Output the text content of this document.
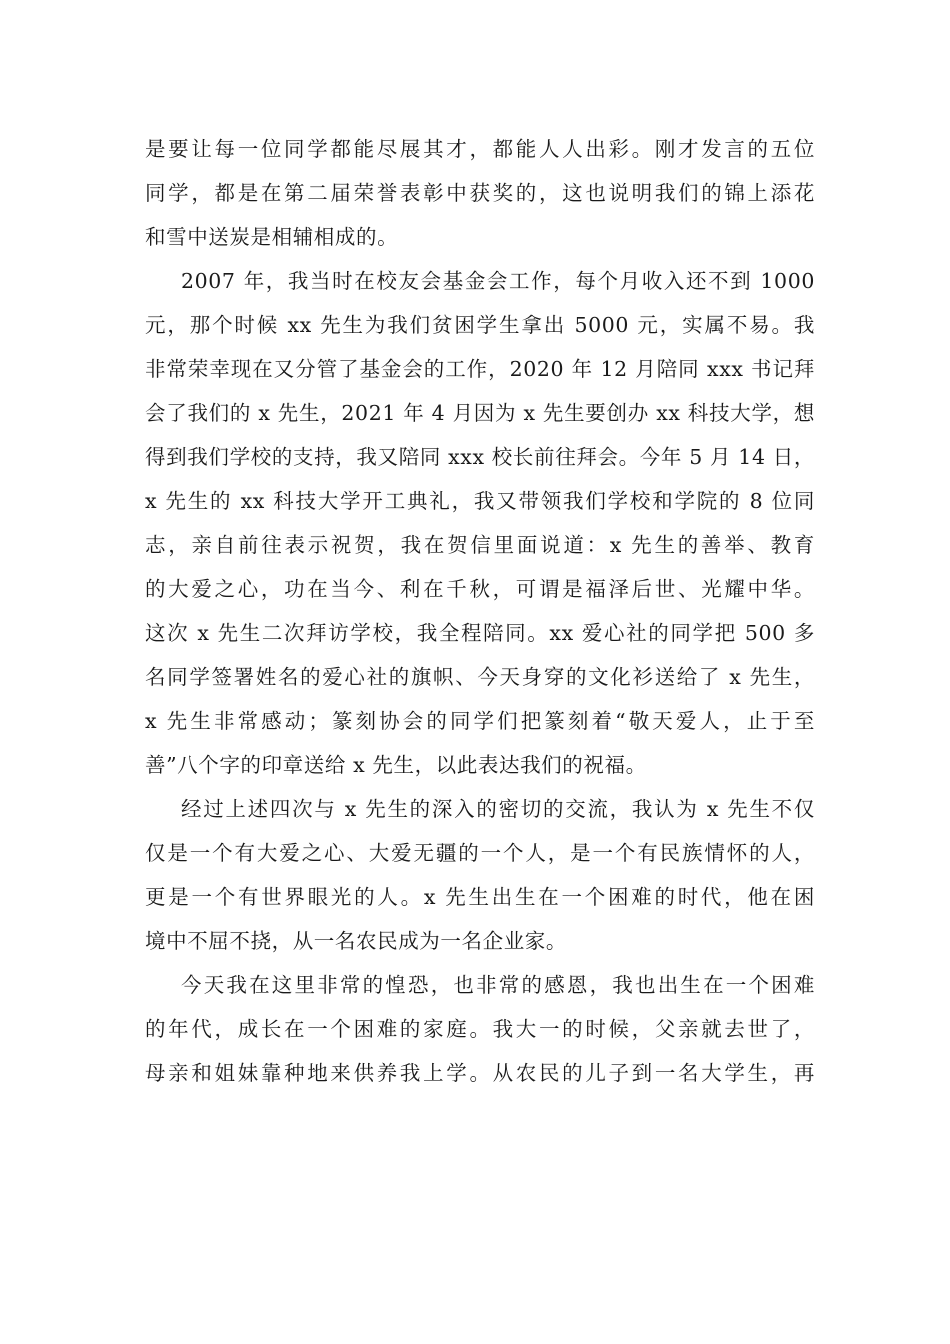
是要让每一位同学都能尽展其才，都能人人出彩。刚才发言的五位
同学，都是在第二届荣誉表彰中获奖的，这也说明我们的锦上添花
和雪中送炭是相辅相成的。
2007 年，我当时在校友会基金会工作，每个月收入还不到 1000
元，那个时候 xx 先生为我们贫困学生拿出 5000 元，实属不易。我
非常荣幸现在又分管了基金会的工作，2020 年 12 月陪同 xxx 书记拜
会了我们的 x 先生，2021 年 4 月因为 x 先生要创办 xx 科技大学，想
得到我们学校的支持，我又陪同 xxx 校长前往拜会。今年 5 月 14 日，
x 先生的 xx 科技大学开工典礼，我又带领我们学校和学院的 8 位同
志，亲自前往表示祝贺，我在贺信里面说道：x 先生的善举、教育
的大爱之心，功在当今、利在千秋，可谓是福泽后世、光耀中华。
这次 x 先生二次拜访学校，我全程陪同。xx 爱心社的同学把 500 多
名同学签署姓名的爱心社的旗帜、今天身穿的文化衫送给了 x 先生，
x 先生非常感动；篆刻协会的同学们把篆刻着“敬天爱人，止于至
善”八个字的印章送给 x 先生，以此表达我们的祝福。
经过上述四次与 x 先生的深入的密切的交流，我认为 x 先生不仅
仅是一个有大爱之心、大爱无疆的一个人，是一个有民族情怀的人，
更是一个有世界眼光的人。x 先生出生在一个困难的时代，他在困
境中不屈不挠，从一名农民成为一名企业家。
今天我在这里非常的惶恐，也非常的感恩，我也出生在一个困难
的年代，成长在一个困难的家庭。我大一的时候，父亲就去世了，
母亲和姐妹靠种地来供养我上学。从农民的儿子到一名大学生，再
